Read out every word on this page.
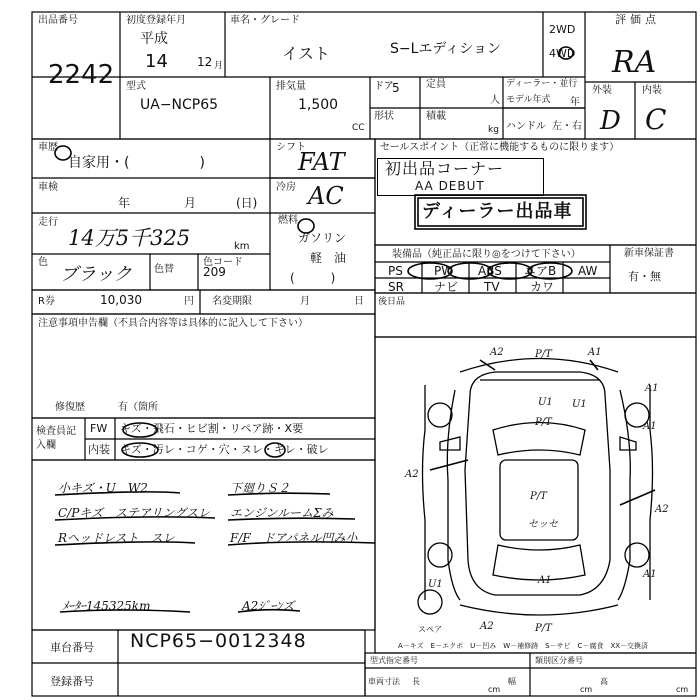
出品番号
2242
初度登録年月
平成
14 12 月
車名・グレード
イスト	S−Lエディション
2WD
4WD
評価点
RA
外装	内装
D C
型式
UA−NCP65
排気量
1,500
CC
ドア
5	定員
人
ディーラー・並行
モデル年式 年
形状	積載
kg ハンドル 左・右
車歴
自家用・(　　　　　)
シフト
FAT
車検
年	月	(日)
冷房 AC
走行
14万5千325	km
燃料
ガソリン
軽　油
(　　　)
色
ブラック 色替
色コード
209
R券	10,030	円 名変期限	月	日
セールスポイント（正常に機能するものに限ります）
初出品コーナー
AA DEBUT
ディーラー出品車
装備品（純正品に限り◎をつけて下さい）	新車保証書
有・無
PS	PW ABS エアB AW
SR	ナビ TV	カワ
後日品
注意事項申告欄（不具合内容等は具体的に記入して下さい）
修復歴	有（箇所
検査員記入欄
FW キズ・飛石・ヒビ割・リペア跡・X要
内装 キズ・汚レ・コゲ・穴・ヌレ・キレ・破レ
小キズ・U　W2	下廻りＳ２
C/Pキズ　ステアリングスレ エンジンルームΣみ
Rヘッドレスト　スレ	F/F　ドアパネル凹み小
ﾒｰﾀｰ145325km	A2ｼﾞｰﾝズ
A2	P/T	A1
A1
U1
P/T
U1
A1
A2
P/T
セッセ
A2
A1
U1
A1
A2	P/T
スペア
A－キズ　E－エクボ　U－凹み　W－補修跡　S－サビ　C－腐食　XX－交換済
車台番号 NCP65−0012348
登録番号
型式指定番号	類別区分番号
車両寸法 長
cm
幅
cm
高
cm
